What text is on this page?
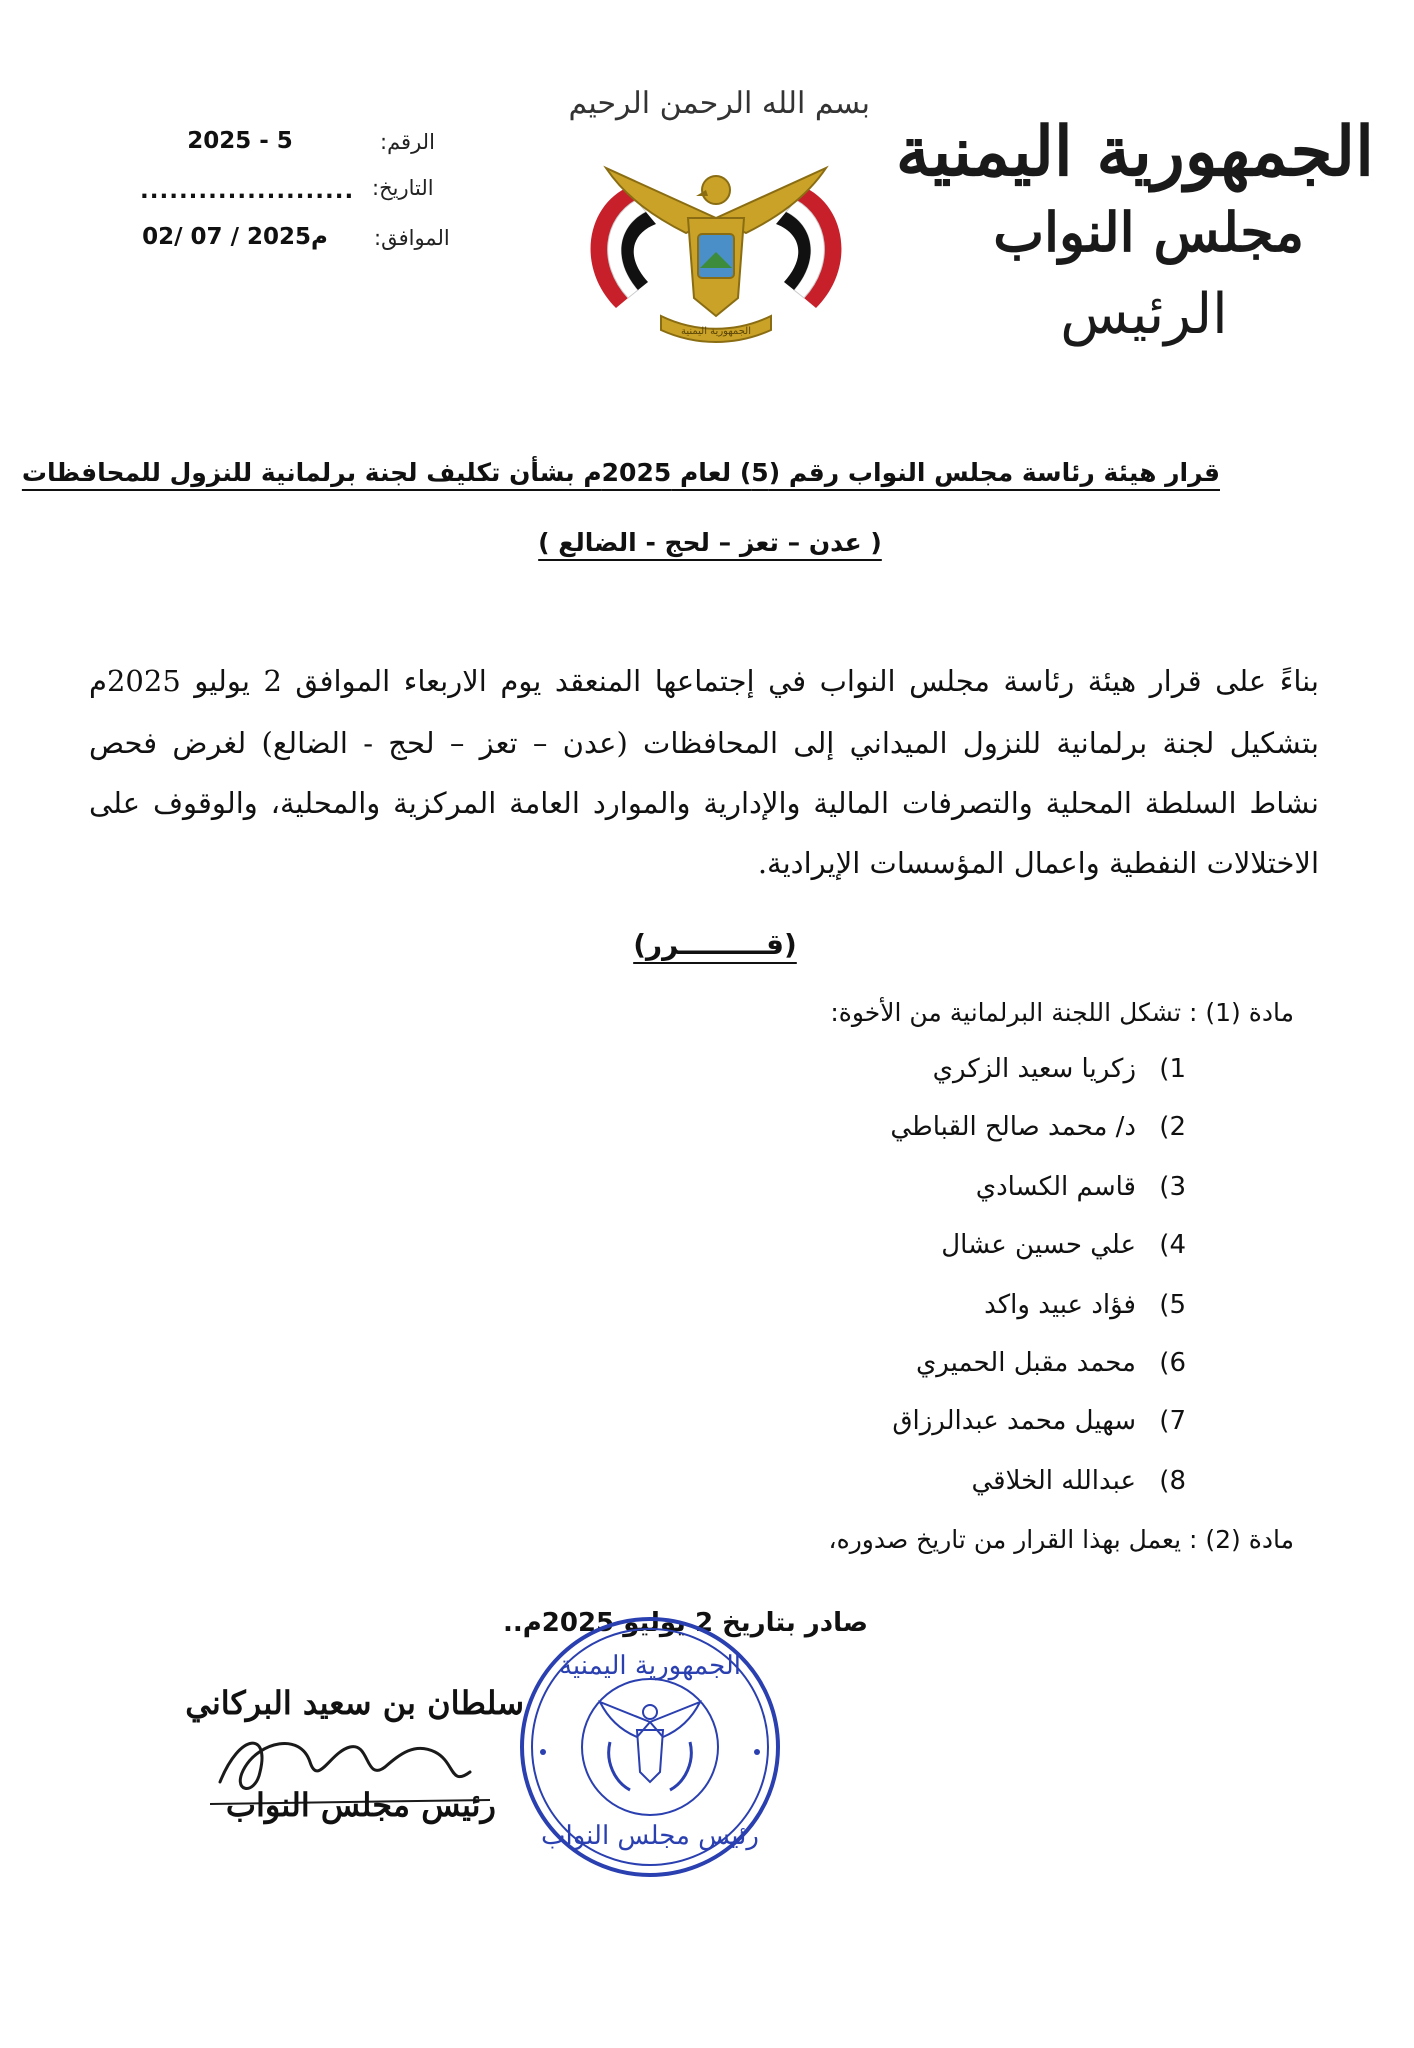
الجمهورية اليمنية
مجلس النواب
الرئيس
بسم الله الرحمن الرحيم
الجمهورية اليمنية
الرقم:
التاريخ:
الموافق:
2025 - 5
......................
02/ 07 / 2025م
قرار هيئة رئاسة مجلس النواب رقم (5) لعام 2025م بشأن تكليف لجنة برلمانية للنزول للمحافظات
( عدن – تعز – لحج - الضالع )
بناءً على قرار هيئة رئاسة مجلس النواب في إجتماعها المنعقد يوم الاربعاء الموافق 2 يوليو 2025م
بتشكيل لجنة برلمانية للنزول الميداني إلى المحافظات (عدن – تعز – لحج - الضالع) لغرض فحص
نشاط السلطة المحلية والتصرفات المالية والإدارية والموارد العامة المركزية والمحلية، والوقوف على
الاختلالات النفطية واعمال المؤسسات الإيرادية.
(قـــــــــرر)
مادة (1) : تشكل اللجنة البرلمانية من الأخوة:
1)زكريا سعيد الزكري
2)د/ محمد صالح القباطي
3)قاسم الكسادي
4)علي حسين عشال
5)فؤاد عبيد واكد
6)محمد مقبل الحميري
7)سهيل محمد عبدالرزاق
8)عبدالله الخلاقي
مادة (2) : يعمل بهذا القرار من تاريخ صدوره،
صادر بتاريخ 2 يوليو 2025م..
سلطان بن سعيد البركاني
رئيس مجلس النواب
الجمهورية اليمنية
رئيس مجلس النواب
